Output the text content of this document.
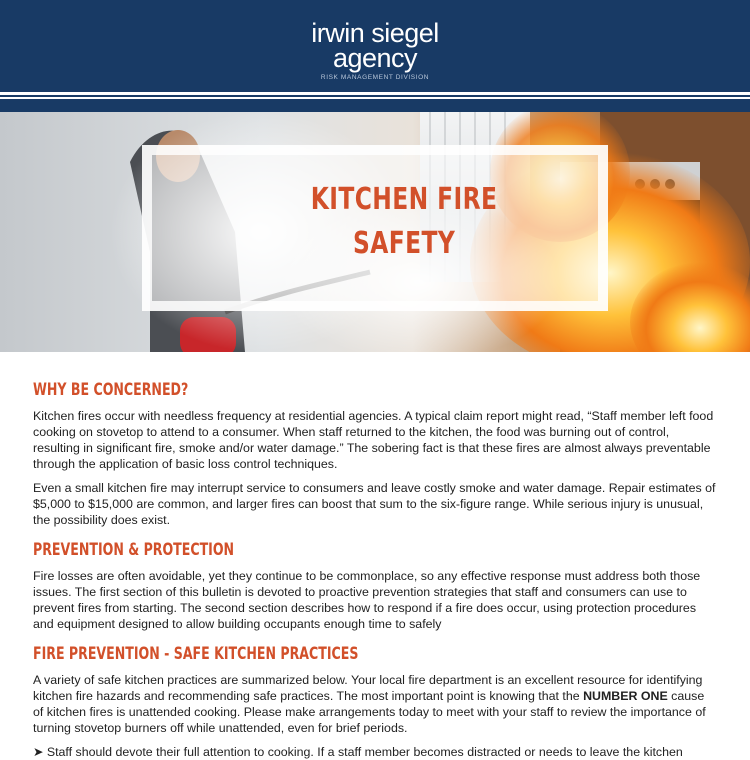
irwin siegel
agency
RISK MANAGEMENT DIVISION
KITCHEN FIRE
SAFETY
WHY BE CONCERNED?

Kitchen fires occur with needless frequency at residential agencies. A typical claim report might read, “Staff member left food cooking on stovetop to attend to a consumer. When staff returned to the kitchen, the food was burning out of control, resulting in significant fire, smoke and/or water damage.” The sobering fact is that these fires are almost always preventable through the application of basic loss control techniques.

Even a small kitchen fire may interrupt service to consumers and leave costly smoke and water damage. Repair estimates of $5,000 to $15,000 are common, and larger fires can boost that sum to the six-figure range. While serious injury is unusual, the possibility does exist.

PREVENTION & PROTECTION

Fire losses are often avoidable, yet they continue to be commonplace, so any effective response must address both those issues. The first section of this bulletin is devoted to proactive prevention strategies that staff and consumers can use to prevent fires from starting. The second section describes how to respond if a fire does occur, using protection procedures and equipment designed to allow building occupants enough time to safely

FIRE PREVENTION - SAFE KITCHEN PRACTICES

A variety of safe kitchen practices are summarized below. Your local fire department is an excellent resource for identifying kitchen fire hazards and recommending safe practices. The most important point is knowing that the NUMBER ONE cause of kitchen fires is unattended cooking. Please make arrangements today to meet with your staff to review the importance of turning stovetop burners off while unattended, even for brief periods.

➤ Staff should devote their full attention to cooking. If a staff member becomes distracted or needs to leave the kitchen
